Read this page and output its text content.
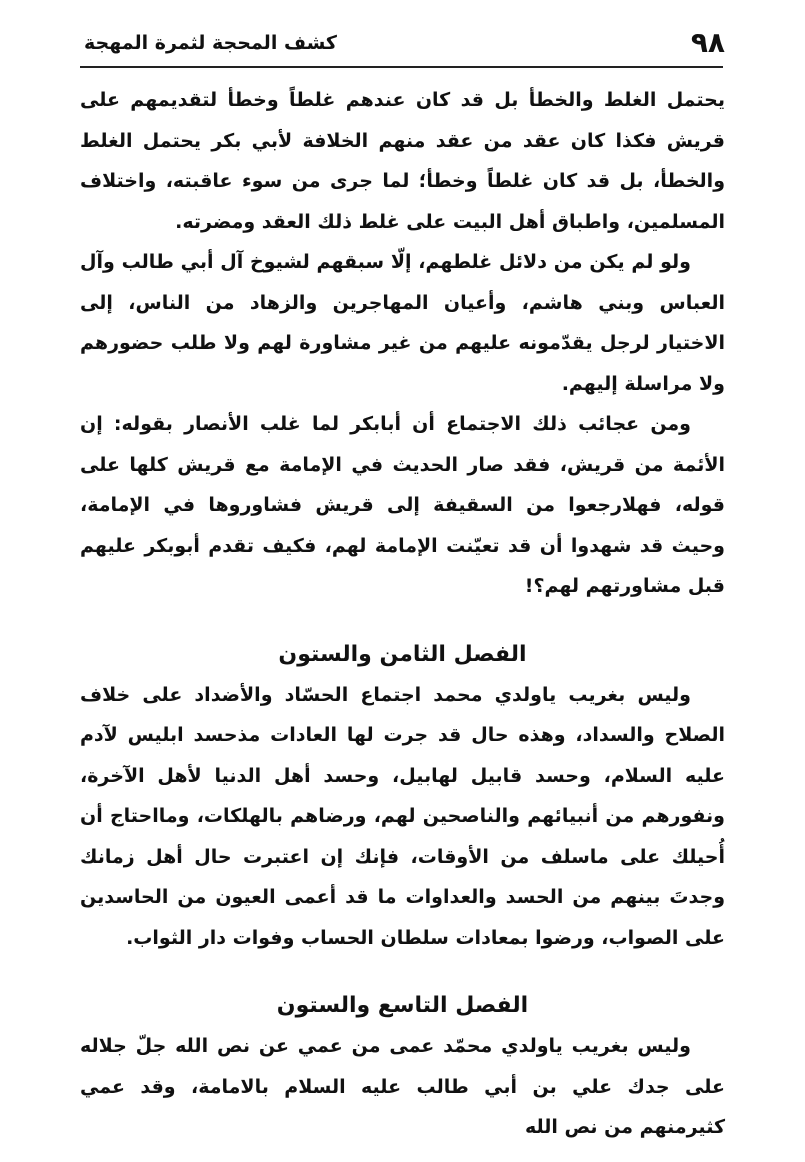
٩٨
كشف المحجة لثمرة المهجة

يحتمل الغلط والخطأ بل قد كان عندهم غلطاً وخطأ لتقديمهم على قريش فكذا كان عقد من عقد منهم الخلافة لأبي بكر يحتمل الغلط والخطأ، بل قد كان غلطاً وخطأ؛ لما جرى من سوء عاقبته، واختلاف المسلمين، واطباق أهل البيت على غلط ذلك العقد ومضرته.

ولو لم يكن من دلائل غلطهم، إلّا سبقهم لشيوخ آل أبي طالب وآل العباس وبني هاشم، وأعيان المهاجرين والزهاد من الناس، إلى الاختيار لرجل يقدّمونه عليهم من غير مشاورة لهم ولا طلب حضورهم ولا مراسلة إليهم.

ومن عجائب ذلك الاجتماع أن أبابكر لما غلب الأنصار بقوله: إن الأئمة من قريش، فقد صار الحديث في الإمامة مع قريش كلها على قوله، فهلارجعوا من السقيفة إلى قريش فشاوروها في الإمامة، وحيث قد شهدوا أن قد تعيّنت الإمامة لهم، فكيف تقدم أبوبكر عليهم قبل مشاورتهم لهم؟!

الفصل الثامن والستون

وليس بغريب ياولدي محمد اجتماع الحسّاد والأضداد على خلاف الصلاح والسداد، وهذه حال قد جرت لها العادات مذحسد ابليس لآدم عليه السلام، وحسد قابيل لهابيل، وحسد أهل الدنيا لأهل الآخرة، ونفورهم من أنبيائهم والناصحين لهم، ورضاهم بالهلكات، ومااحتاج أن أُحيلك على ماسلف من الأوقات، فإنك إن اعتبرت حال أهل زمانك وجدتَ بينهم من الحسد والعداوات ما قد أعمى العيون من الحاسدين على الصواب، ورضوا بمعادات سلطان الحساب وفوات دار الثواب.

الفصل التاسع والستون

وليس بغريب ياولدي محمّد عمى من عمي عن نص الله جلّ جلاله على جدك علي بن أبي طالب عليه السلام بالامامة، وقد عمي كثيرمنهم من نص الله
